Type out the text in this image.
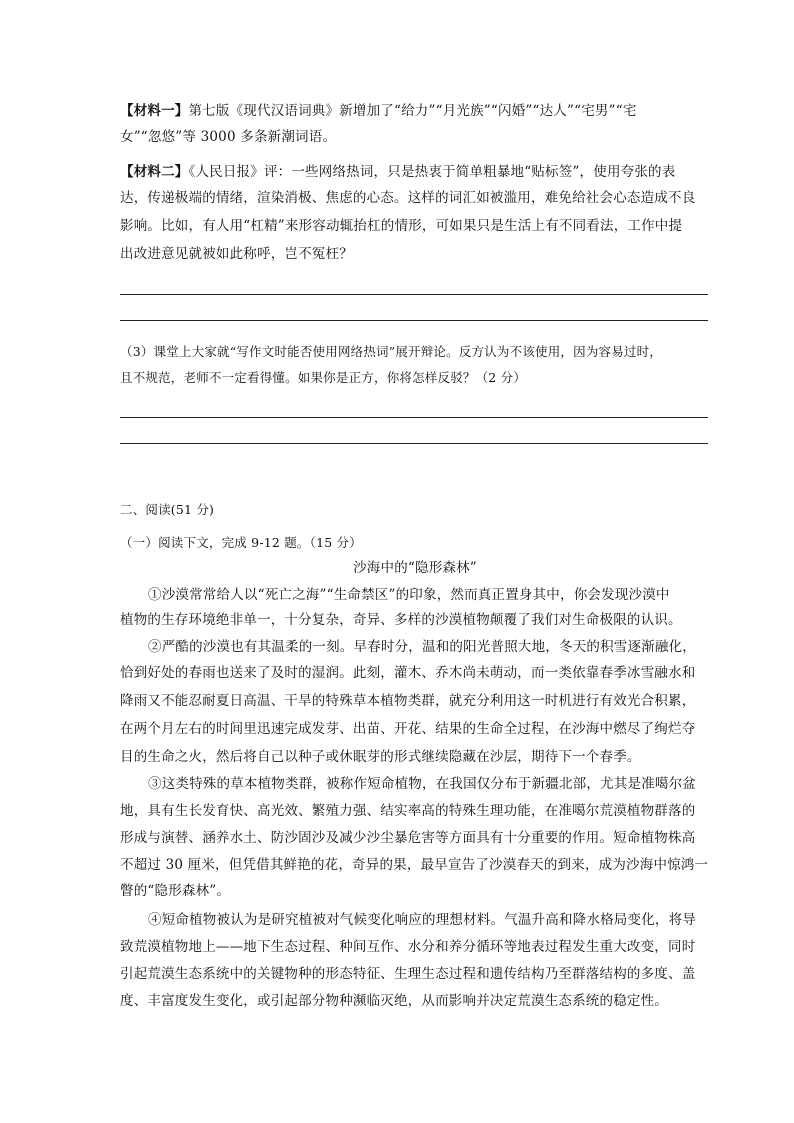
【材料一】第七版《现代汉语词典》新增加了“给力”“月光族”“闪婚”“达人”“宅男”“宅
女”“忽悠”等 3000 多条新潮词语。
【材料二】《人民日报》评：一些网络热词，只是热衷于简单粗暴地“贴标签”，使用夸张的表
达，传递极端的情绪，渲染消极、焦虑的心态。这样的词汇如被滥用，难免给社会心态造成不良
影响。比如，有人用“杠精”来形容动辄抬杠的情形，可如果只是生活上有不同看法，工作中提
出改进意见就被如此称呼，岂不冤枉？
（3）课堂上大家就“写作文时能否使用网络热词”展开辩论。反方认为不该使用，因为容易过时，
且不规范，老师不一定看得懂。如果你是正方，你将怎样反驳？（2 分）
二、阅读(51 分)
（一）阅读下文，完成 9-12 题。（15 分）
沙海中的“隐形森林”
①沙漠常常给人以“死亡之海”“生命禁区”的印象，然而真正置身其中，你会发现沙漠中
植物的生存环境绝非单一，十分复杂，奇异、多样的沙漠植物颠覆了我们对生命极限的认识。
②严酷的沙漠也有其温柔的一刻。早春时分，温和的阳光普照大地，冬天的积雪逐渐融化，
恰到好处的春雨也送来了及时的湿润。此刻，灌木、乔木尚未萌动，而一类依靠春季冰雪融水和
降雨又不能忍耐夏日高温、干旱的特殊草本植物类群，就充分利用这一时机进行有效光合积累，
在两个月左右的时间里迅速完成发芽、出苗、开花、结果的生命全过程，在沙海中燃尽了绚烂夺
目的生命之火，然后将自己以种子或休眠芽的形式继续隐藏在沙层，期待下一个春季。
③这类特殊的草本植物类群，被称作短命植物，在我国仅分布于新疆北部，尤其是准噶尔盆
地，具有生长发育快、高光效、繁殖力强、结实率高的特殊生理功能，在准噶尔荒漠植物群落的
形成与演替、涵养水土、防沙固沙及减少沙尘暴危害等方面具有十分重要的作用。短命植物株高
不超过 30 厘米，但凭借其鲜艳的花，奇异的果，最早宣告了沙漠春天的到来，成为沙海中惊鸿一
瞥的“隐形森林”。
④短命植物被认为是研究植被对气候变化响应的理想材料。气温升高和降水格局变化，将导
致荒漠植物地上——地下生态过程、种间互作、水分和养分循环等地表过程发生重大改变，同时
引起荒漠生态系统中的关键物种的形态特征、生理生态过程和遗传结构乃至群落结构的多度、盖
度、丰富度发生变化，或引起部分物种濒临灭绝，从而影响并决定荒漠生态系统的稳定性。
